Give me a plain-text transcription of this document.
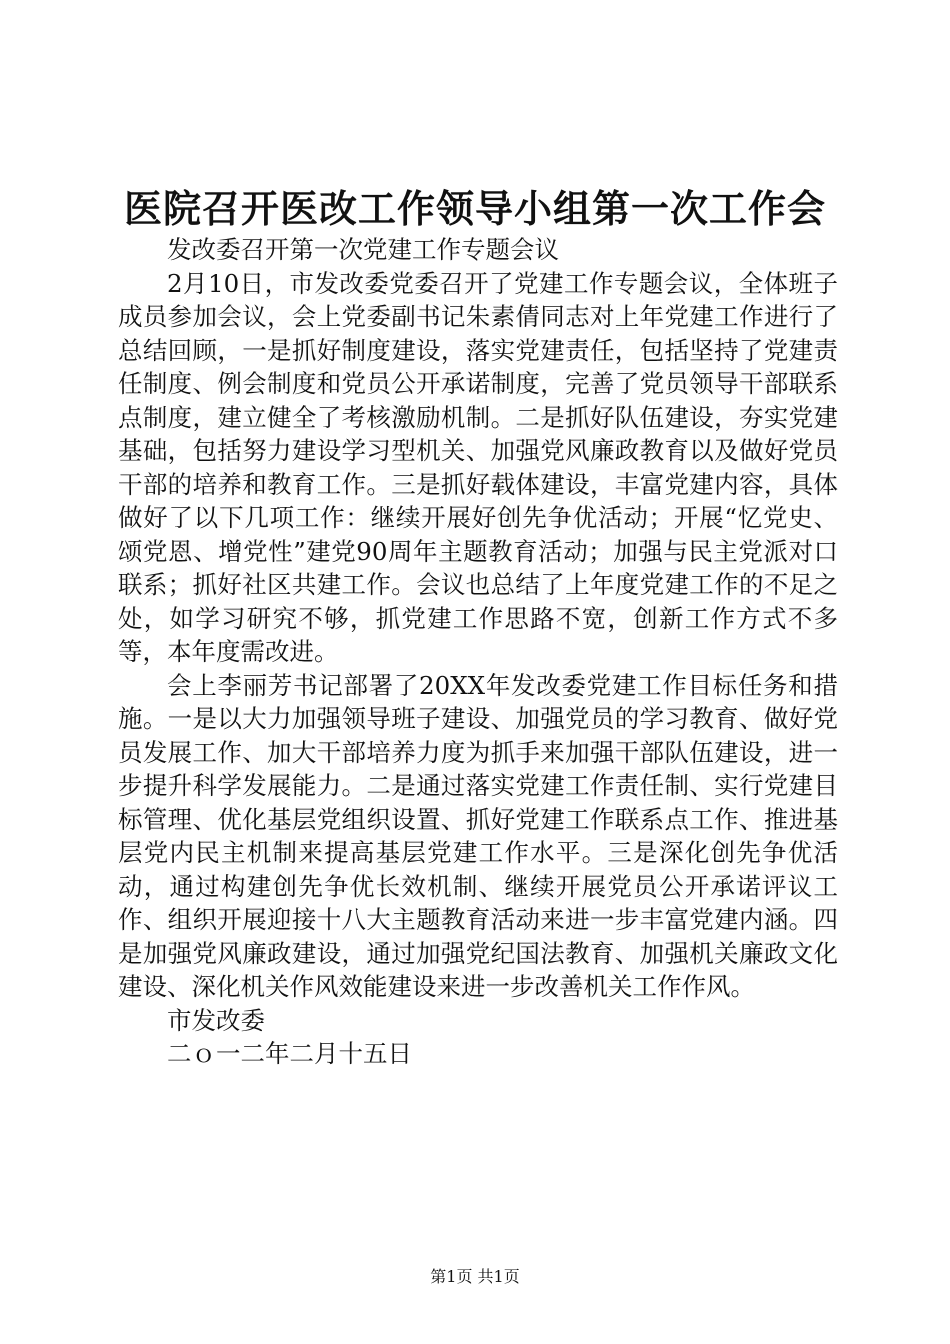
医院召开医改工作领导小组第一次工作会

发改委召开第一次党建工作专题会议

2月10日，市发改委党委召开了党建工作专题会议，全体班子成员参加会议，会上党委副书记朱素倩同志对上年党建工作进行了总结回顾，一是抓好制度建设，落实党建责任，包括坚持了党建责任制度、例会制度和党员公开承诺制度，完善了党员领导干部联系点制度，建立健全了考核激励机制。二是抓好队伍建设，夯实党建基础，包括努力建设学习型机关、加强党风廉政教育以及做好党员干部的培养和教育工作。三是抓好载体建设，丰富党建内容，具体做好了以下几项工作：继续开展好创先争优活动；开展“忆党史、颂党恩、增党性”建党90周年主题教育活动；加强与民主党派对口联系；抓好社区共建工作。会议也总结了上年度党建工作的不足之处，如学习研究不够，抓党建工作思路不宽，创新工作方式不多等，本年度需改进。

会上李丽芳书记部署了20XX年发改委党建工作目标任务和措施。一是以大力加强领导班子建设、加强党员的学习教育、做好党员发展工作、加大干部培养力度为抓手来加强干部队伍建设，进一步提升科学发展能力。二是通过落实党建工作责任制、实行党建目标管理、优化基层党组织设置、抓好党建工作联系点工作、推进基层党内民主机制来提高基层党建工作水平。三是深化创先争优活动，通过构建创先争优长效机制、继续开展党员公开承诺评议工作、组织开展迎接十八大主题教育活动来进一步丰富党建内涵。四是加强党风廉政建设，通过加强党纪国法教育、加强机关廉政文化建设、深化机关作风效能建设来进一步改善机关工作作风。

市发改委

二ｏ一二年二月十五日

第1页 共1页
